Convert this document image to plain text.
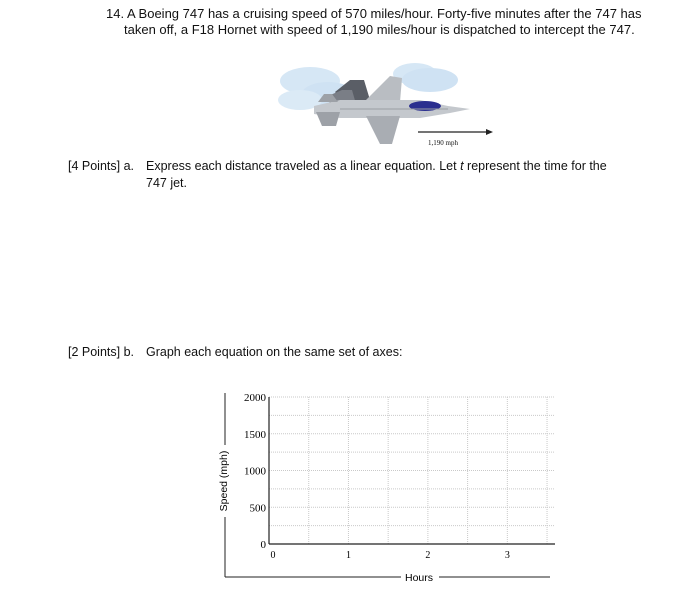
14. A Boeing 747 has a cruising speed of 570 miles/hour. Forty-five minutes after the 747 has
taken off, a F18 Hornet with speed of 1,190 miles/hour is dispatched to intercept the 747.
1,190 mph
[4 Points] a. Express each distance traveled as a linear equation. Let t represent the time for the
747 jet.
[2 Points] b. Graph each equation on the same set of axes:
0
500
1000
1500
2000
0	1	2	3
Speed (mph)
Hours
